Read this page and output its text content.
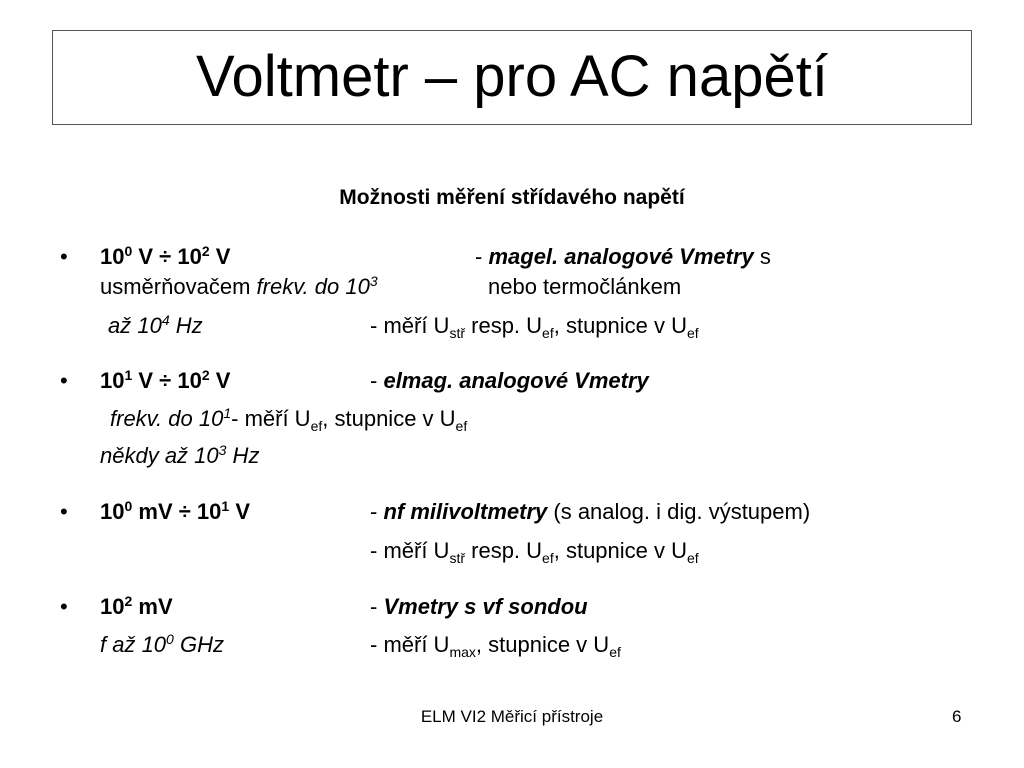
Voltmetr – pro AC napětí
Možnosti měření střídavého napětí
• $10^0$ $V \div 10^2$ V	- magel. analogové Vmetry s
usměrňovačem frekv. do $10^3$	nebo termočlánkem
až $10^4$ Hz	- měří $U_{stř}$ resp. $U_{ef}$, stupnice v $U_{ef}$
• $10^1$ $V \div 10^2$ V	- elmag. analogové Vmetry
frekv. do $10^1-$ měří $U_{ef}$, stupnice v $U_{ef}$
někdy až $10^3$ Hz
• $10^0$ mV ÷ $10^1$ V	- nf milivoltmetry (s analog. i dig. výstupem)
- měří $U_{stř}$ resp. $U_{ef}$, stupnice v $U_{ef}$
• $10^2$ mV	- Vmetry s vf sondou
f až $10^0$ GHz	- měří $U_{max}$, stupnice v $U_{ef}$
ELM VI2 Měřicí přístroje	6
